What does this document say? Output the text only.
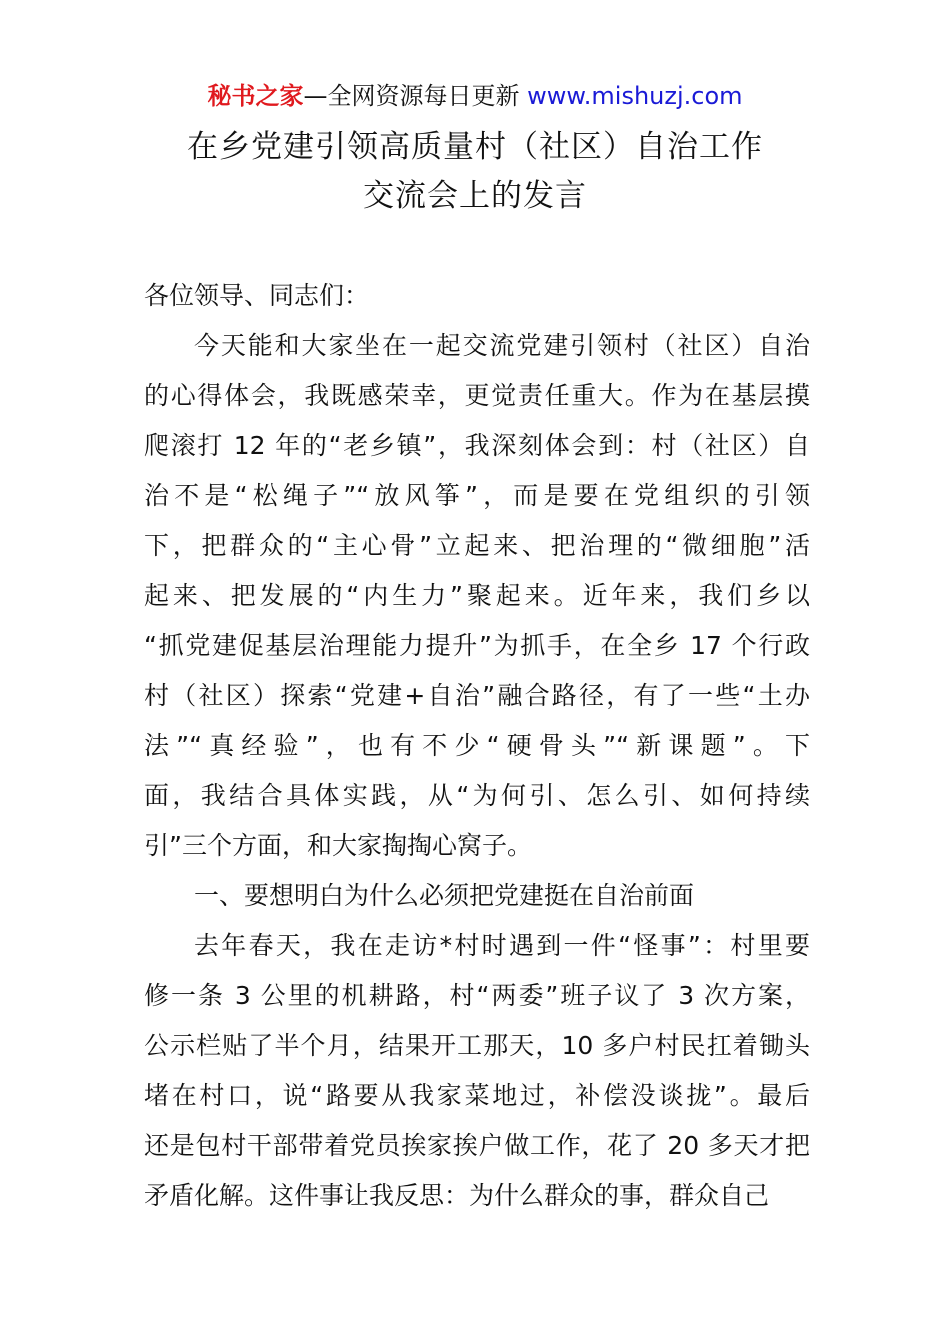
秘书之家—全网资源每日更新 www.mishuzj.com
在乡党建引领高质量村（社区）自治工作
交流会上的发言
各位领导、同志们：
今天能和大家坐在一起交流党建引领村（社区）自治
的心得体会，我既感荣幸，更觉责任重大。作为在基层摸
爬滚打 12 年的“老乡镇”，我深刻体会到：村（社区）自
治不是“松绳子”“放风筝”，而是要在党组织的引领
下，把群众的“主心骨”立起来、把治理的“微细胞”活
起来、把发展的“内生力”聚起来。近年来，我们乡以
“抓党建促基层治理能力提升”为抓手，在全乡 17 个行政
村（社区）探索“党建+自治”融合路径，有了一些“土办
法”“真经验”，也有不少“硬骨头”“新课题”。下
面，我结合具体实践，从“为何引、怎么引、如何持续
引”三个方面，和大家掏掏心窝子。
一、要想明白为什么必须把党建挺在自治前面
去年春天，我在走访*村时遇到一件“怪事”：村里要
修一条 3 公里的机耕路，村“两委”班子议了 3 次方案，
公示栏贴了半个月，结果开工那天，10 多户村民扛着锄头
堵在村口，说“路要从我家菜地过，补偿没谈拢”。最后
还是包村干部带着党员挨家挨户做工作，花了 20 多天才把
矛盾化解。这件事让我反思：为什么群众的事，群众自己
